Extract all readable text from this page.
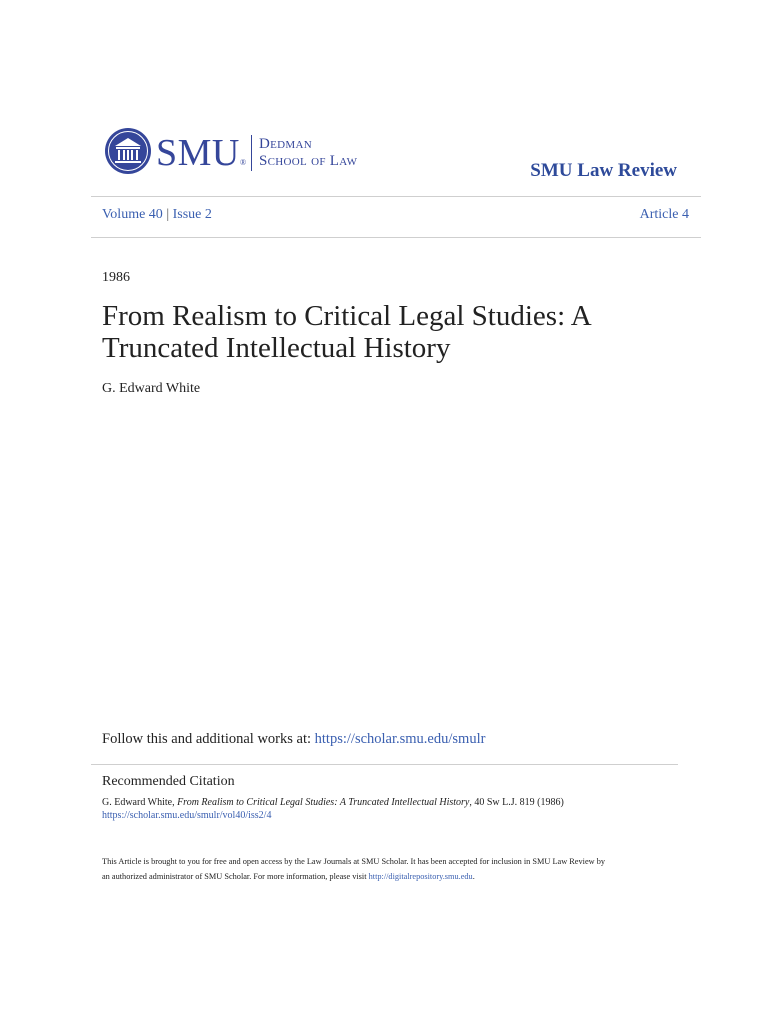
SMU ®
Dedman
School of Law	SMU Law Review
Volume 40 | Issue 2	Article 4
1986
From Realism to Critical Legal Studies: A Truncated Intellectual History
G. Edward White
Follow this and additional works at: https://scholar.smu.edu/smulr
Recommended Citation
G. Edward White, From Realism to Critical Legal Studies: A Truncated Intellectual History, 40 Sw L.J. 819 (1986)
https://scholar.smu.edu/smulr/vol40/iss2/4
This Article is brought to you for free and open access by the Law Journals at SMU Scholar. It has been accepted for inclusion in SMU Law Review by
an authorized administrator of SMU Scholar. For more information, please visit http://digitalrepository.smu.edu.
